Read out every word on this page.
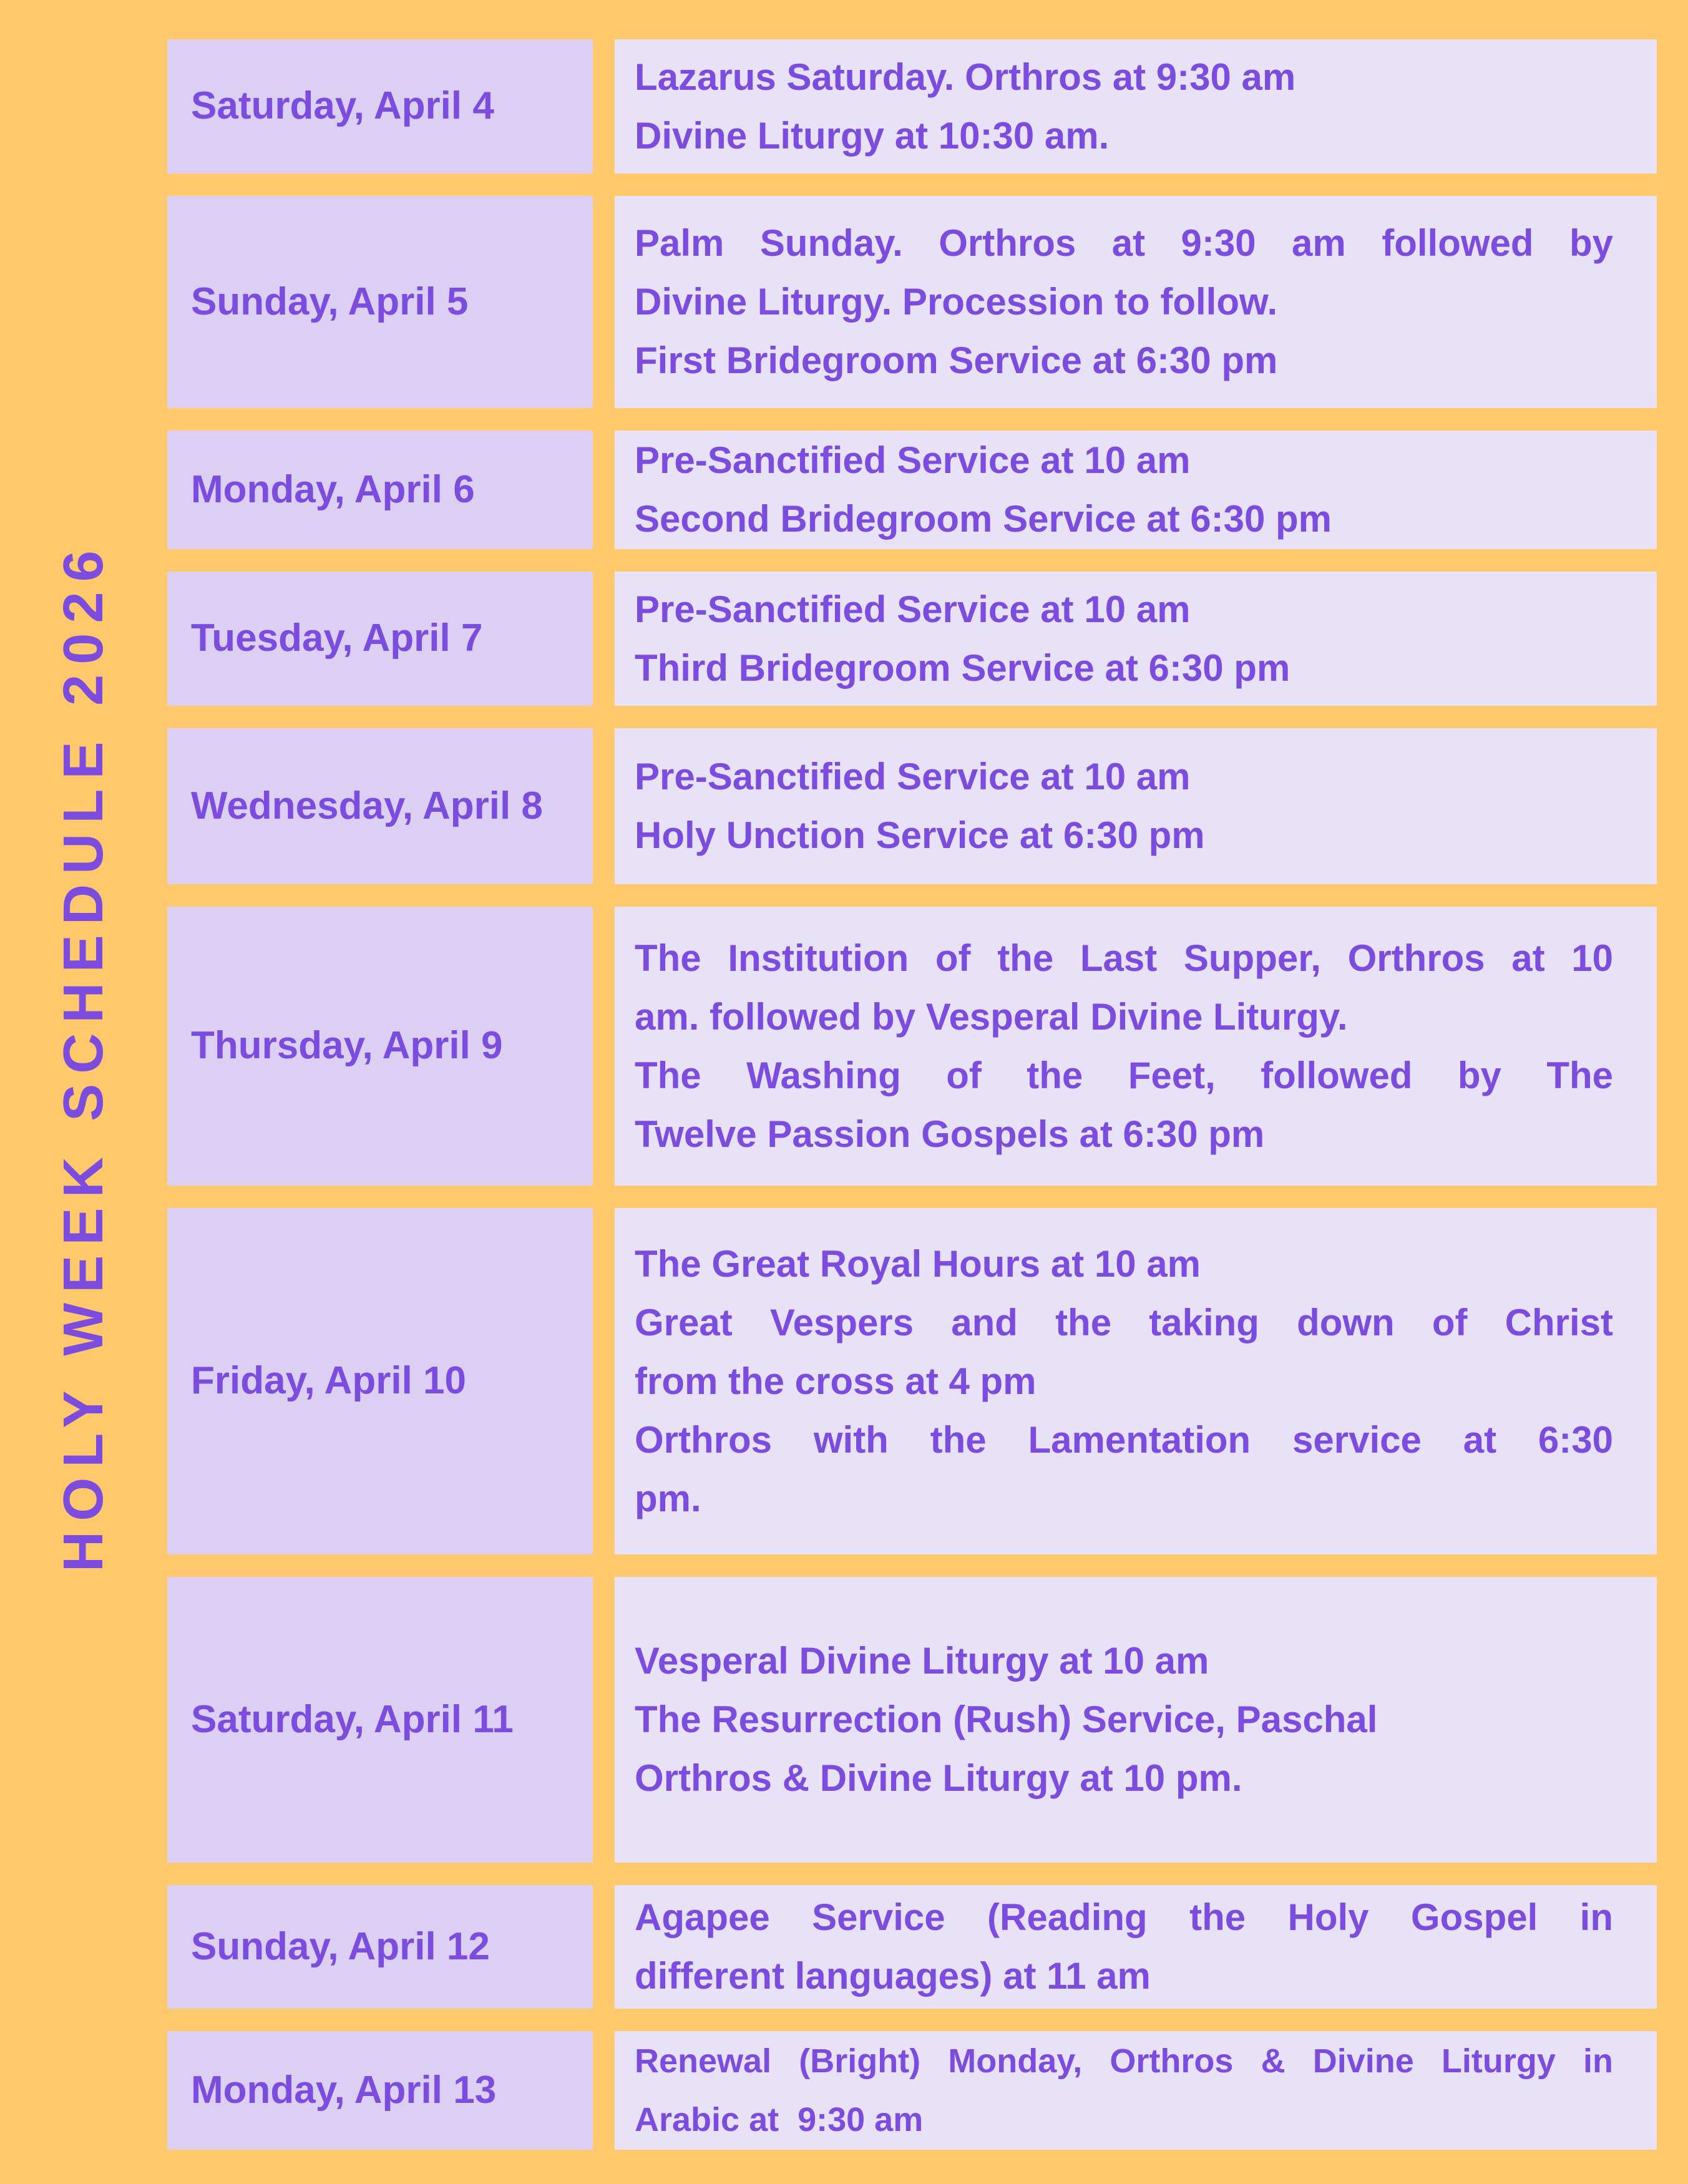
HOLY WEEK SCHEDULE 2026
Saturday, April 4
Lazarus Saturday. Orthros at 9:30 am
Divine Liturgy at 10:30 am.
Sunday, April 5
Palm Sunday. Orthros at 9:30 am followed by
Divine Liturgy. Procession to follow.
First Bridegroom Service at 6:30 pm
Monday, April 6
Pre-Sanctified Service at 10 am
Second Bridegroom Service at 6:30 pm
Tuesday, April 7
Pre-Sanctified Service at 10 am
Third Bridegroom Service at 6:30 pm
Wednesday, April 8
Pre-Sanctified Service at 10 am
Holy Unction Service at 6:30 pm
Thursday, April 9
The Institution of the Last Supper, Orthros at 10
am. followed by Vesperal Divine Liturgy.
The Washing of the Feet, followed by The
Twelve Passion Gospels at 6:30 pm
Friday, April 10
The Great Royal Hours at 10 am
Great Vespers and the taking down of Christ
from the cross at 4 pm
Orthros with the Lamentation service at 6:30
pm.
Saturday, April 11
Vesperal Divine Liturgy at 10 am
The Resurrection (Rush) Service, Paschal
Orthros & Divine Liturgy at 10 pm.
Sunday, April 12
Agapee Service (Reading the Holy Gospel in
different languages) at 11 am
Monday, April 13
Renewal (Bright) Monday, Orthros & Divine Liturgy in
Arabic at  9:30 am
